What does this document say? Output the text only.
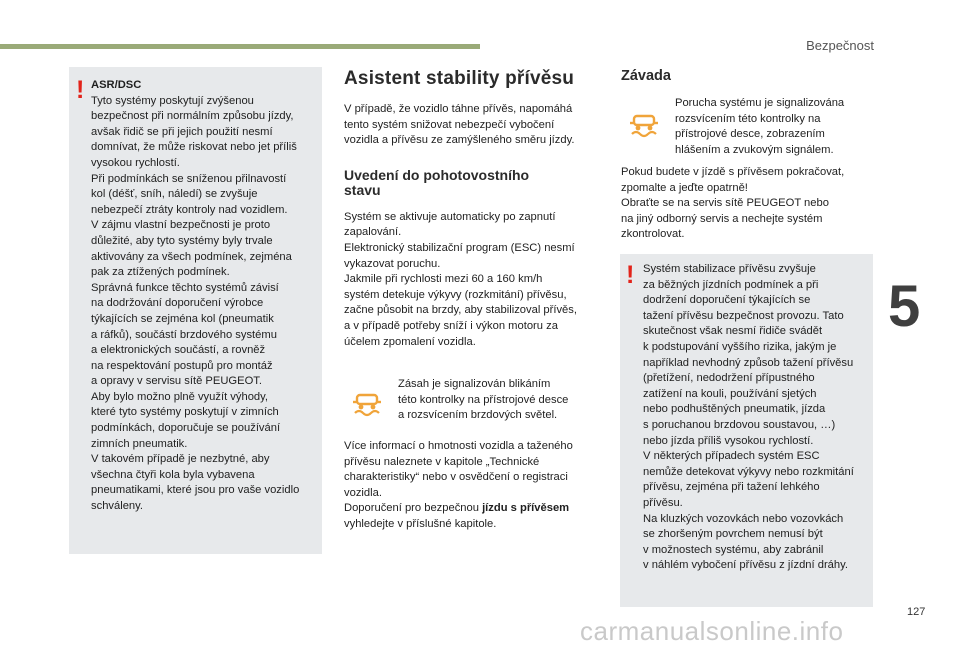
Bezpečnost
! ASR/DSC
Tyto systémy poskytují zvýšenou
bezpečnost při normálním způsobu jízdy,
avšak řidič se při jejich použití nesmí
domnívat, že může riskovat nebo jet příliš
vysokou rychlostí.
Při podmínkách se sníženou přilnavostí
kol (déšť, sníh, náledí) se zvyšuje
nebezpečí ztráty kontroly nad vozidlem.
V zájmu vlastní bezpečnosti je proto
důležité, aby tyto systémy byly trvale
aktivovány za všech podmínek, zejména
pak za ztížených podmínek.
Správná funkce těchto systémů závisí
na dodržování doporučení výrobce
týkajících se zejména kol (pneumatik
a ráfků), součástí brzdového systému
a elektronických součástí, a rovněž
na respektování postupů pro montáž
a opravy v servisu sítě PEUGEOT.
Aby bylo možno plně využít výhody,
které tyto systémy poskytují v zimních
podmínkách, doporučuje se používání
zimních pneumatik.
V takovém případě je nezbytné, aby
všechna čtyři kola byla vybavena
pneumatikami, které jsou pro vaše vozidlo
schváleny.
Asistent stability přívěsu
V případě, že vozidlo táhne přívěs, napomáhá
tento systém snižovat nebezpečí vybočení
vozidla a přívěsu ze zamýšleného směru jízdy.
Uvedení do pohotovostního
stavu
Systém se aktivuje automaticky po zapnutí
zapalování.
Elektronický stabilizační program (ESC) nesmí
vykazovat poruchu.
Jakmile při rychlosti mezi 60 a 160 km/h
systém detekuje výkyvy (rozkmitání) přívěsu,
začne působit na brzdy, aby stabilizoval přívěs,
a v případě potřeby sníží i výkon motoru za
účelem zpomalení vozidla.
Zásah je signalizován blikáním
této kontrolky na přístrojové desce
a rozsvícením brzdových světel.
Více informací o hmotnosti vozidla a taženého
přívěsu naleznete v kapitole „Technické
charakteristiky“ nebo v osvědčení o registraci
vozidla.
Doporučení pro bezpečnou jízdu s přívěsem
vyhledejte v příslušné kapitole.
Závada
Porucha systému je signalizována
rozsvícením této kontrolky na
přístrojové desce, zobrazením
hlášením a zvukovým signálem.
Pokud budete v jízdě s přívěsem pokračovat,
zpomalte a jeďte opatrně!
Obraťte se na servis sítě PEUGEOT nebo
na jiný odborný servis a nechejte systém
zkontrolovat.
! Systém stabilizace přívěsu zvyšuje
za běžných jízdních podmínek a při
dodržení doporučení týkajících se
tažení přívěsu bezpečnost provozu. Tato
skutečnost však nesmí řidiče svádět
k podstupování vyššího rizika, jakým je
například nevhodný způsob tažení přívěsu
(přetížení, nedodržení přípustného
zatížení na kouli, používání sjetých
nebo podhuštěných pneumatik, jízda
s poruchanou brzdovou soustavou, …)
nebo jízda příliš vysokou rychlostí.
V některých případech systém ESC
nemůže detekovat výkyvy nebo rozkmitání
přívěsu, zejména při tažení lehkého
přívěsu.
Na kluzkých vozovkách nebo vozovkách
se zhoršeným povrchem nemusí být
v možnostech systému, aby zabránil
v náhlém vybočení přívěsu z jízdní dráhy.
5
127
carmanualsonline.info
